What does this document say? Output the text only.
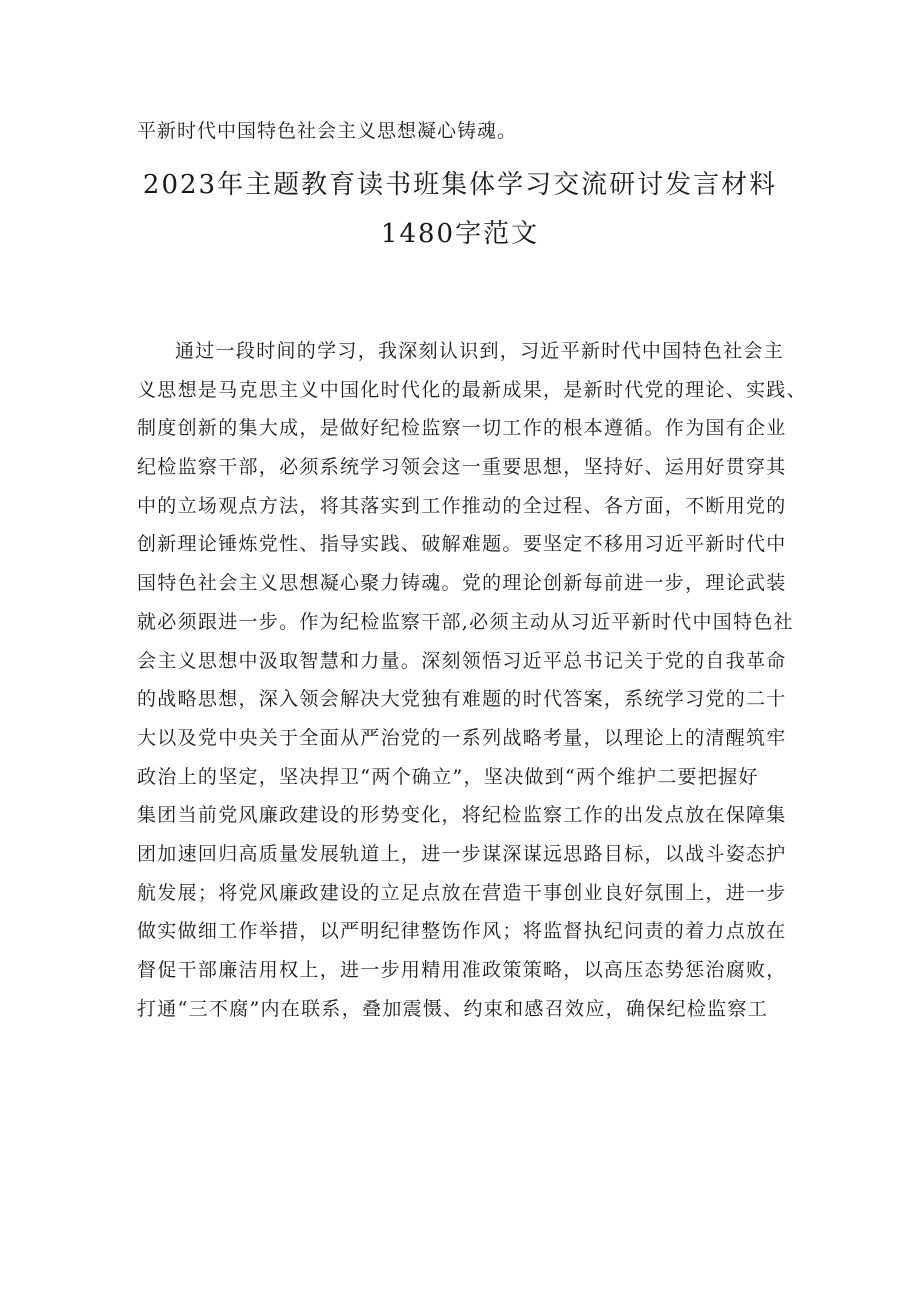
平新时代中国特色社会主义思想凝心铸魂。
2023年主题教育读书班集体学习交流研讨发言材料
1480字范文
通过一段时间的学习，我深刻认识到，习近平新时代中国特色社会主
义思想是马克思主义中国化时代化的最新成果，是新时代党的理论、实践、
制度创新的集大成，是做好纪检监察一切工作的根本遵循。作为国有企业
纪检监察干部，必须系统学习领会这一重要思想，坚持好、运用好贯穿其
中的立场观点方法，将其落实到工作推动的全过程、各方面，不断用党的
创新理论锤炼党性、指导实践、破解难题。要坚定不移用习近平新时代中
国特色社会主义思想凝心聚力铸魂。党的理论创新每前进一步，理论武装
就必须跟进一步。作为纪检监察干部,必须主动从习近平新时代中国特色社
会主义思想中汲取智慧和力量。深刻领悟习近平总书记关于党的自我革命
的战略思想，深入领会解决大党独有难题的时代答案，系统学习党的二十
大以及党中央关于全面从严治党的一系列战略考量，以理论上的清醒筑牢
政治上的坚定，坚决捍卫“两个确立”，坚决做到“两个维护二要把握好
集团当前党风廉政建设的形势变化，将纪检监察工作的出发点放在保障集
团加速回归高质量发展轨道上，进一步谋深谋远思路目标，以战斗姿态护
航发展；将党风廉政建设的立足点放在营造干事创业良好氛围上，进一步
做实做细工作举措，以严明纪律整饬作风；将监督执纪问责的着力点放在
督促干部廉洁用权上，进一步用精用准政策策略，以高压态势惩治腐败，
打通“三不腐”内在联系，叠加震慑、约束和感召效应，确保纪检监察工
